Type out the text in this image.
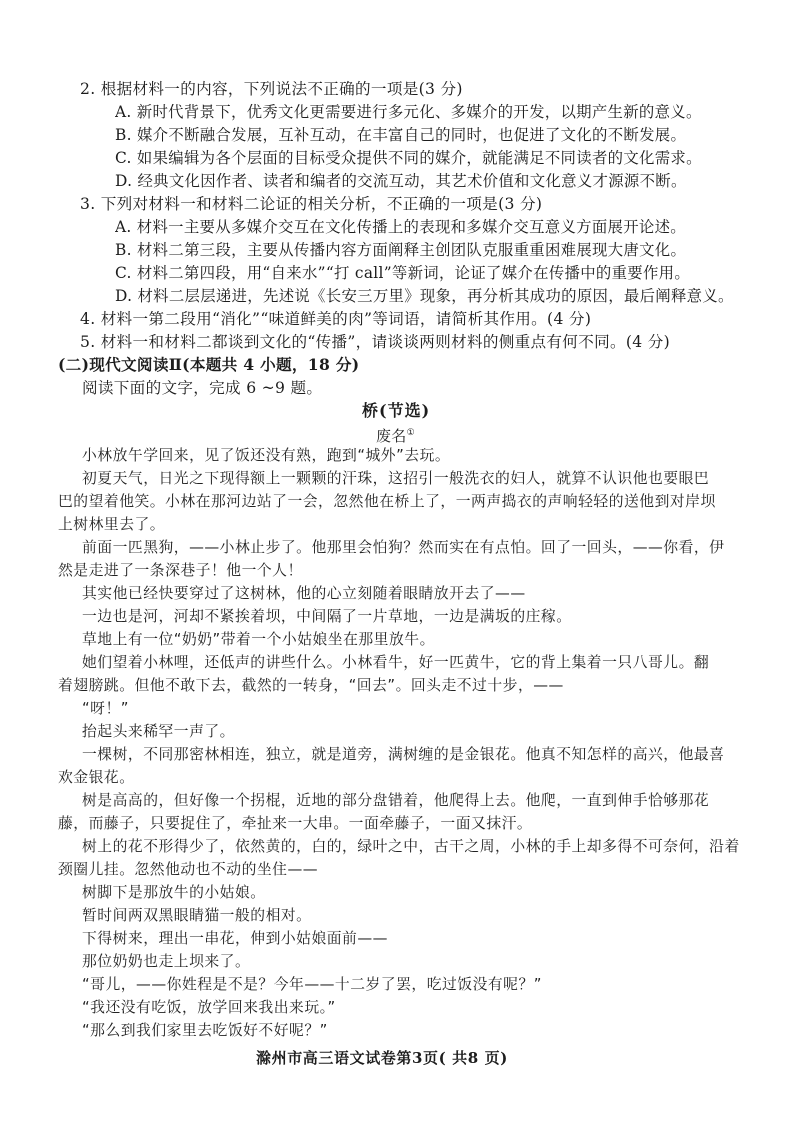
2. 根据材料一的内容，下列说法不正确的一项是(3 分)
A. 新时代背景下，优秀文化更需要进行多元化、多媒介的开发，以期产生新的意义。
B. 媒介不断融合发展，互补互动，在丰富自己的同时，也促进了文化的不断发展。
C. 如果编辑为各个层面的目标受众提供不同的媒介，就能满足不同读者的文化需求。
D. 经典文化因作者、读者和编者的交流互动，其艺术价值和文化意义才源源不断。
3. 下列对材料一和材料二论证的相关分析，不正确的一项是(3 分)
A. 材料一主要从多媒介交互在文化传播上的表现和多媒介交互意义方面展开论述。
B. 材料二第三段，主要从传播内容方面阐释主创团队克服重重困难展现大唐文化。
C. 材料二第四段，用“自来水”“打 call”等新词，论证了媒介在传播中的重要作用。
D. 材料二层层递进，先述说《长安三万里》现象，再分析其成功的原因，最后阐释意义。
4. 材料一第二段用“消化”“味道鲜美的肉”等词语，请简析其作用。(4 分)
5. 材料一和材料二都谈到文化的“传播”，请谈谈两则材料的侧重点有何不同。(4 分)
(二)现代文阅读Ⅱ(本题共 4 小题，18 分)
阅读下面的文字，完成 6 ~9 题。
桥(节选)
废名①
小林放午学回来，见了饭还没有熟，跑到“城外”去玩。
初夏天气，日光之下现得额上一颗颗的汗珠，这招引一般洗衣的妇人，就算不认识他也要眼巴
巴的望着他笑。小林在那河边站了一会，忽然他在桥上了，一两声捣衣的声响轻轻的送他到对岸坝
上树林里去了。
前面一匹黑狗，——小林止步了。他那里会怕狗？然而实在有点怕。回了一回头，——你看，伊
然是走进了一条深巷子！他一个人！
其实他已经快要穿过了这树林，他的心立刻随着眼睛放开去了——
一边也是河，河却不紧挨着坝，中间隔了一片草地，一边是满坂的庄稼。
草地上有一位“奶奶”带着一个小姑娘坐在那里放牛。
她们望着小林哩，还低声的讲些什么。小林看牛，好一匹黄牛，它的背上集着一只八哥儿。翻
着翅膀跳。但他不敢下去，截然的一转身，“回去”。回头走不过十步，——
“呀！”
抬起头来稀罕一声了。
一棵树，不同那密林相连，独立，就是道旁，满树缠的是金银花。他真不知怎样的高兴，他最喜
欢金银花。
树是高高的，但好像一个拐棍，近地的部分盘错着，他爬得上去。他爬，一直到伸手恰够那花
藤，而藤子，只要捉住了，牵扯来一大串。一面牵藤子，一面又抹汗。
树上的花不形得少了，依然黄的，白的，绿叶之中，古干之周，小林的手上却多得不可奈何，沿着
颈圈儿挂。忽然他动也不动的坐住——
树脚下是那放牛的小姑娘。
暂时间两双黑眼睛猫一般的相对。
下得树来，理出一串花，伸到小姑娘面前——
那位奶奶也走上坝来了。
“哥儿，——你姓程是不是？今年——十二岁了罢，吃过饭没有呢？”
“我还没有吃饭，放学回来我出来玩。”
“那么到我们家里去吃饭好不好呢？”
滁州市高三语文试卷第3页( 共8 页)
